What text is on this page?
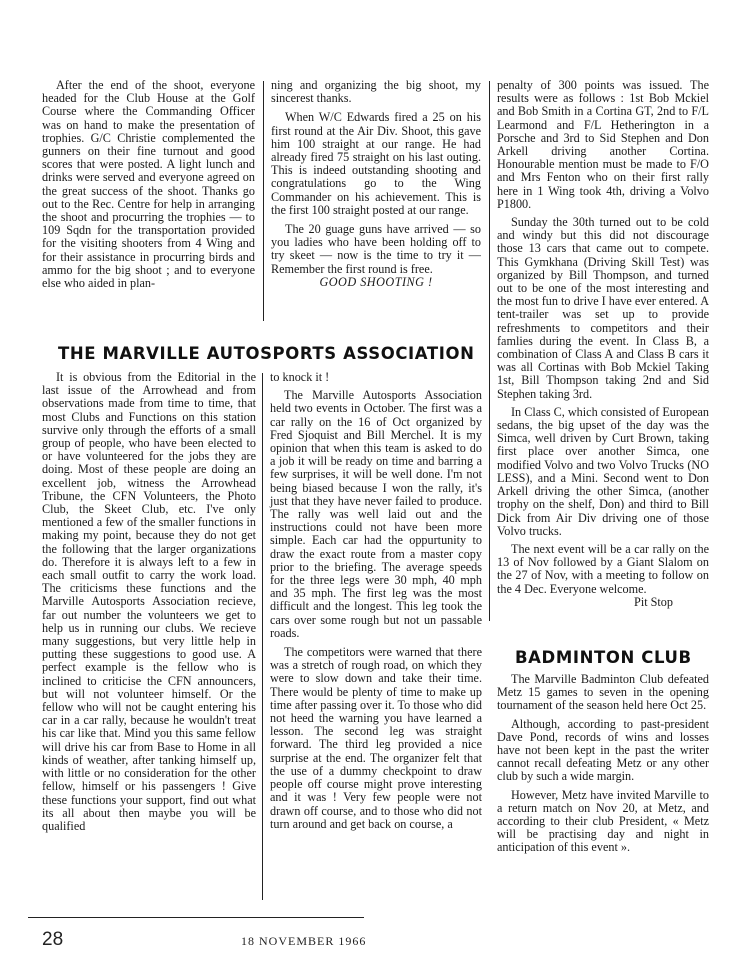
After the end of the shoot, everyone headed for the Club House at the Golf Course where the Commanding Officer was on hand to make the presentation of trophies. G/C Christie complemented the gunners on their fine turnout and good scores that were posted. A light lunch and drinks were served and everyone agreed on the great success of the shoot. Thanks go out to the Rec. Centre for help in arranging the shoot and procurring the trophies — to 109 Sqdn for the transportation provided for the visiting shooters from 4 Wing and for their assistance in procurring birds and ammo for the big shoot ; and to everyone else who aided in plan-

ning and organizing the big shoot, my sincerest thanks.

When W/C Edwards fired a 25 on his first round at the Air Div. Shoot, this gave him 100 straight at our range. He had already fired 75 straight on his last outing. This is indeed outstanding shooting and congratulations go to the Wing Commander on his achievement. This is the first 100 straight posted at our range.

The 20 guage guns have arrived — so you ladies who have been holding off to try skeet — now is the time to try it — Remember the first round is free.

GOOD SHOOTING !

THE MARVILLE AUTOSPORTS ASSOCIATION

It is obvious from the Editorial in the last issue of the Arrowhead and from observations made from time to time, that most Clubs and Functions on this station survive only through the efforts of a small group of people, who have been elected to or have volunteered for the jobs they are doing. Most of these people are doing an excellent job, witness the Arrowhead Tribune, the CFN Volunteers, the Photo Club, the Skeet Club, etc. I've only mentioned a few of the smaller functions in making my point, because they do not get the following that the larger organizations do. Therefore it is always left to a few in each small outfit to carry the work load. The criticisms these functions and the Marville Autosports Association recieve, far out number the volunteers we get to help us in running our clubs. We recieve many suggestions, but very little help in putting these suggestions to good use. A perfect example is the fellow who is inclined to criticise the CFN announcers, but will not volunteer himself. Or the fellow who will not be caught entering his car in a car rally, because he wouldn't treat his car like that. Mind you this same fellow will drive his car from Base to Home in all kinds of weather, after tanking himself up, with little or no consideration for the other fellow, himself or his passengers ! Give these functions your support, find out what its all about then maybe you will be qualified

to knock it !

The Marville Autosports Association held two events in October. The first was a car rally on the 16 of Oct organized by Fred Sjoquist and Bill Merchel. It is my opinion that when this team is asked to do a job it will be ready on time and barring a few surprises, it will be well done. I'm not being biased because I won the rally, it's just that they have never failed to produce. The rally was well laid out and the instructions could not have been more simple. Each car had the oppurtunity to draw the exact route from a master copy prior to the briefing. The average speeds for the three legs were 30 mph, 40 mph and 35 mph. The first leg was the most difficult and the longest. This leg took the cars over some rough but not un passable roads.

The competitors were warned that there was a stretch of rough road, on which they were to slow down and take their time. There would be plenty of time to make up time after passing over it. To those who did not heed the warning you have learned a lesson. The second leg was straight forward. The third leg provided a nice surprise at the end. The organizer felt that the use of a dummy checkpoint to draw people off course might prove interesting and it was ! Very few people were not drawn off course, and to those who did not turn around and get back on course, a

penalty of 300 points was issued. The results were as follows : 1st Bob Mckiel and Bob Smith in a Cortina GT, 2nd to F/L Learmond and F/L Hetherington in a Porsche and 3rd to Sid Stephen and Don Arkell driving another Cortina. Honourable mention must be made to F/O and Mrs Fenton who on their first rally here in 1 Wing took 4th, driving a Volvo P1800.

Sunday the 30th turned out to be cold and windy but this did not discourage those 13 cars that came out to compete. This Gymkhana (Driving Skill Test) was organized by Bill Thompson, and turned out to be one of the most interesting and the most fun to drive I have ever entered. A tent-trailer was set up to provide refreshments to competitors and their famlies during the event. In Class B, a combination of Class A and Class B cars it was all Cortinas with Bob Mckiel Taking 1st, Bill Thompson taking 2nd and Sid Stephen taking 3rd.

In Class C, which consisted of European sedans, the big upset of the day was the Simca, well driven by Curt Brown, taking first place over another Simca, one modified Volvo and two Volvo Trucks (NO LESS), and a Mini. Second went to Don Arkell driving the other Simca, (another trophy on the shelf, Don) and third to Bill Dick from Air Div driving one of those Volvo trucks.

The next event will be a car rally on the 13 of Nov followed by a Giant Slalom on the 27 of Nov, with a meeting to follow on the 4 Dec. Everyone welcome.

Pit Stop

BADMINTON CLUB

The Marville Badminton Club defeated Metz 15 games to seven in the opening tournament of the season held here Oct 25.

Although, according to past-president Dave Pond, records of wins and losses have not been kept in the past the writer cannot recall defeating Metz or any other club by such a wide margin.

However, Metz have invited Marville to a return match on Nov 20, at Metz, and according to their club President, « Metz will be practising day and night in anticipation of this event ».

28	18 NOVEMBER 1966
